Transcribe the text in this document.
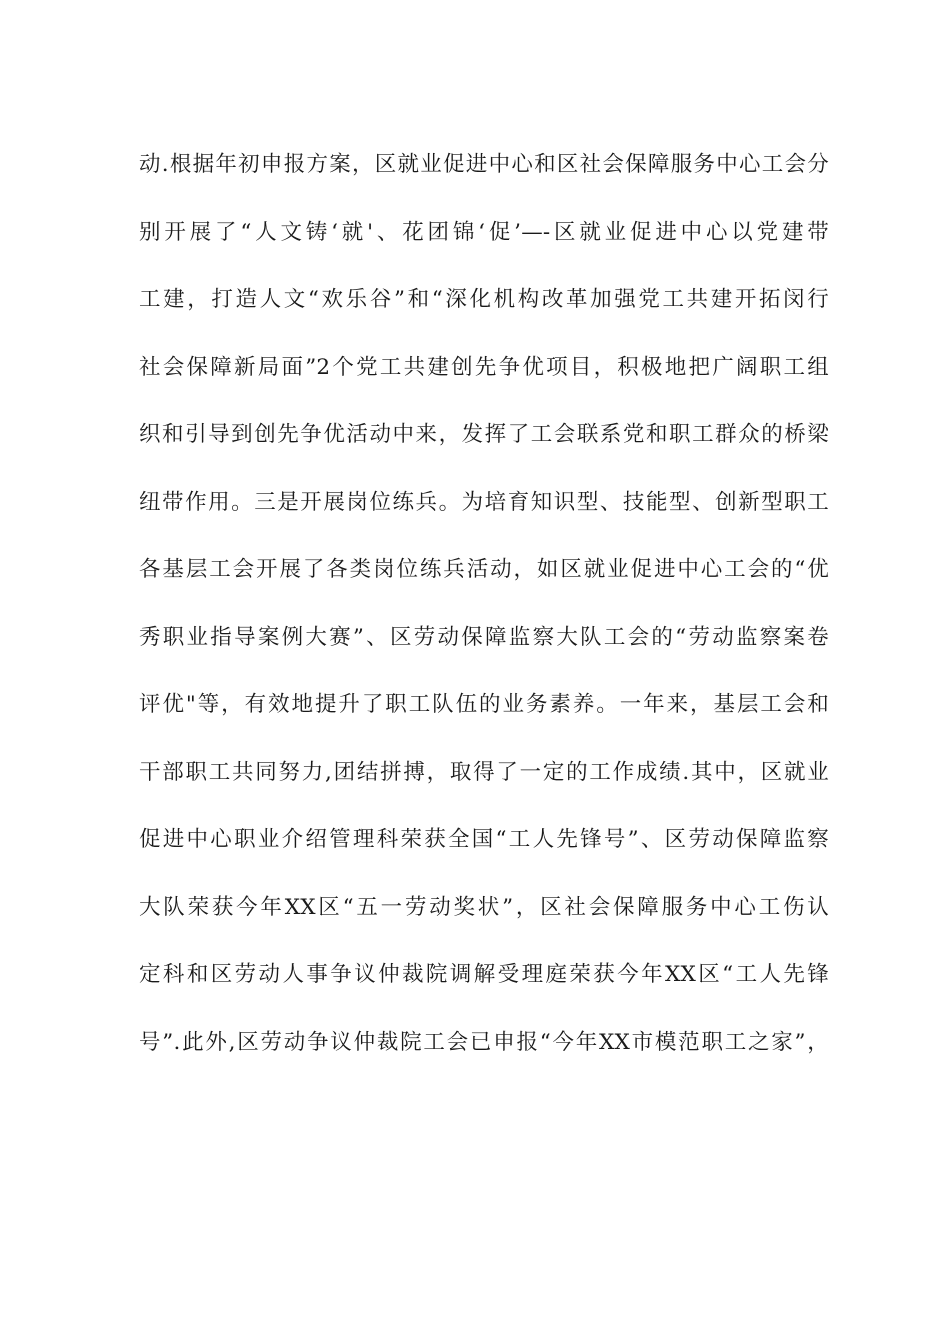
动.根据年初申报方案，区就业促进中心和区社会保障服务中心工会分
别开展了“人文铸‘就'、花团锦‘促’—-区就业促进中心以党建带
工建，打造人文“欢乐谷”和“深化机构改革加强党工共建开拓闵行
社会保障新局面”2个党工共建创先争优项目，积极地把广阔职工组
织和引导到创先争优活动中来，发挥了工会联系党和职工群众的桥梁
纽带作用。三是开展岗位练兵。为培育知识型、技能型、创新型职工
各基层工会开展了各类岗位练兵活动，如区就业促进中心工会的“优
秀职业指导案例大赛”、区劳动保障监察大队工会的“劳动监察案卷
评优"等，有效地提升了职工队伍的业务素养。一年来，基层工会和
干部职工共同努力,团结拼搏，取得了一定的工作成绩.其中，区就业
促进中心职业介绍管理科荣获全国“工人先锋号”、区劳动保障监察
大队荣获今年XX区“五一劳动奖状”，区社会保障服务中心工伤认
定科和区劳动人事争议仲裁院调解受理庭荣获今年XX区“工人先锋
号”.此外,区劳动争议仲裁院工会已申报“今年XX市模范职工之家”，
